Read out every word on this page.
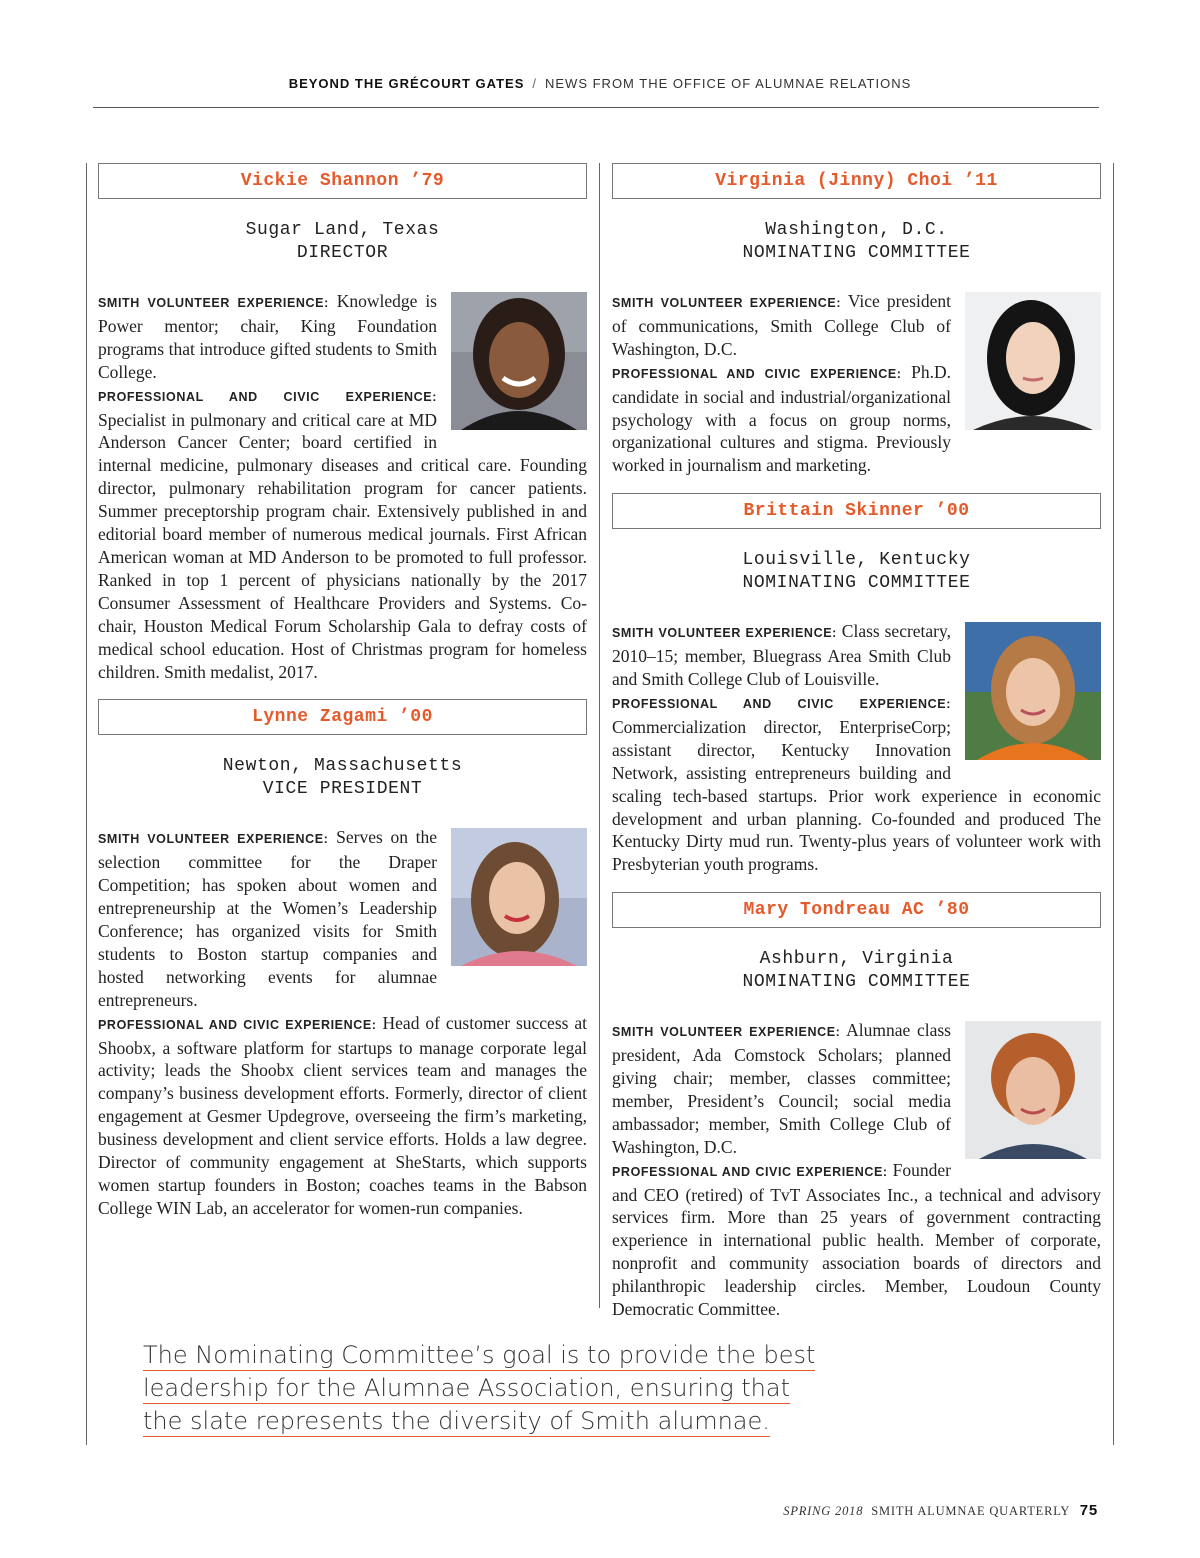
BEYOND THE GRÉCOURT GATES / NEWS FROM THE OFFICE OF ALUMNAE RELATIONS
Vickie Shannon ’79
Sugar Land, Texas
DIRECTOR

SMITH VOLUNTEER EXPERIENCE: Knowledge is Power mentor; chair, King Foundation programs that introduce gifted students to Smith College.

PROFESSIONAL AND CIVIC EXPERIENCE: Specialist in pulmonary and critical care at MD Anderson Cancer Center; board certified in internal medicine, pulmonary diseases and critical care. Founding director, pulmonary rehabilitation program for cancer patients. Summer preceptorship program chair. Extensively published in and editorial board member of numerous medical journals. First African American woman at MD Anderson to be promoted to full professor. Ranked in top 1 percent of physicians nationally by the 2017 Consumer Assessment of Healthcare Providers and Systems. Co-chair, Houston Medical Forum Scholarship Gala to defray costs of medical school education. Host of Christmas program for homeless children. Smith medalist, 2017.

Lynne Zagami ’00
Newton, Massachusetts
VICE PRESIDENT

SMITH VOLUNTEER EXPERIENCE: Serves on the selection committee for the Draper Competition; has spoken about women and entrepreneurship at the Women’s Leadership Conference; has organized visits for Smith students to Boston startup companies and hosted networking events for alumnae entrepreneurs.

PROFESSIONAL AND CIVIC EXPERIENCE: Head of customer success at Shoobx, a software platform for startups to manage corporate legal activity; leads the Shoobx client services team and manages the company’s business development efforts. Formerly, director of client engagement at Gesmer Updegrove, overseeing the firm’s marketing, business development and client service efforts. Holds a law degree. Director of community engagement at SheStarts, which supports women startup founders in Boston; coaches teams in the Babson College WIN Lab, an accelerator for women-run companies.

Virginia (Jinny) Choi ’11
Washington, D.C.
NOMINATING COMMITTEE

SMITH VOLUNTEER EXPERIENCE: Vice president of communications, Smith College Club of Washington, D.C.

PROFESSIONAL AND CIVIC EXPERIENCE: Ph.D. candidate in social and industrial/organizational psychology with a focus on group norms, organizational cultures and stigma. Previously worked in journalism and marketing.

Brittain Skinner ’00
Louisville, Kentucky
NOMINATING COMMITTEE

SMITH VOLUNTEER EXPERIENCE: Class secretary, 2010–15; member, Bluegrass Area Smith Club and Smith College Club of Louisville.

PROFESSIONAL AND CIVIC EXPERIENCE: Commercialization director, EnterpriseCorp; assistant director, Kentucky Innovation Network, assisting entrepreneurs building and scaling tech-based startups. Prior work experience in economic development and urban planning. Co-founded and produced The Kentucky Dirty mud run. Twenty-plus years of volunteer work with Presbyterian youth programs.

Mary Tondreau AC ’80
Ashburn, Virginia
NOMINATING COMMITTEE

SMITH VOLUNTEER EXPERIENCE: Alumnae class president, Ada Comstock Scholars; planned giving chair; member, classes committee; member, President’s Council; social media ambassador; member, Smith College Club of Washington, D.C.

PROFESSIONAL AND CIVIC EXPERIENCE: Founder and CEO (retired) of TvT Associates Inc., a technical and advisory services firm. More than 25 years of government contracting experience in international public health. Member of corporate, nonprofit and community association boards of directors and philanthropic leadership circles. Member, Loudoun County Democratic Committee.

The Nominating Committee’s goal is to provide the best
leadership for the Alumnae Association, ensuring that
the slate represents the diversity of Smith alumnae.
SPRING 2018 SMITH ALUMNAE QUARTERLY 75
